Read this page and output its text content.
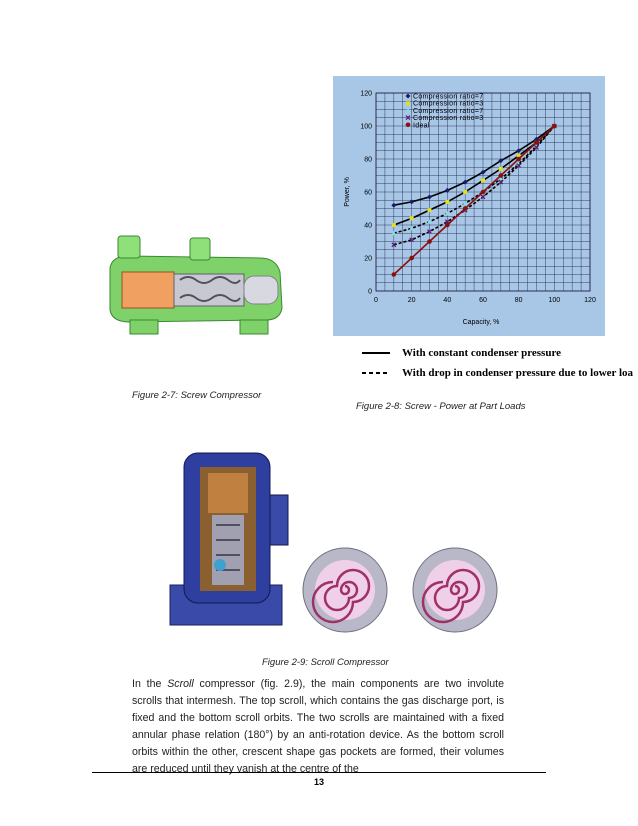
Figure 2-7: Screw Compressor
0	20	40	60	80	100	120
0
20
40
60
80
100
120	Compression ratio=7
Compression ratio=3
Compression ratio=7
Compression ratio=3
Ideal
Capacity, %
Power, %
With constant condenser pressure
With drop in condenser pressure due to lower loa
Figure 2-8: Screw - Power at Part Loads
Figure 2-9: Scroll Compressor
In the Scroll compressor (fig. 2.9), the main components are two involute scrolls that intermesh. The top scroll, which contains the gas discharge port, is fixed and the bottom scroll orbits. The two scrolls are maintained with a fixed annular phase relation (180°) by an anti-rotation device. As the bottom scroll orbits within the other, crescent shape gas pockets are formed, their volumes are reduced until they vanish at the centre of the
13
